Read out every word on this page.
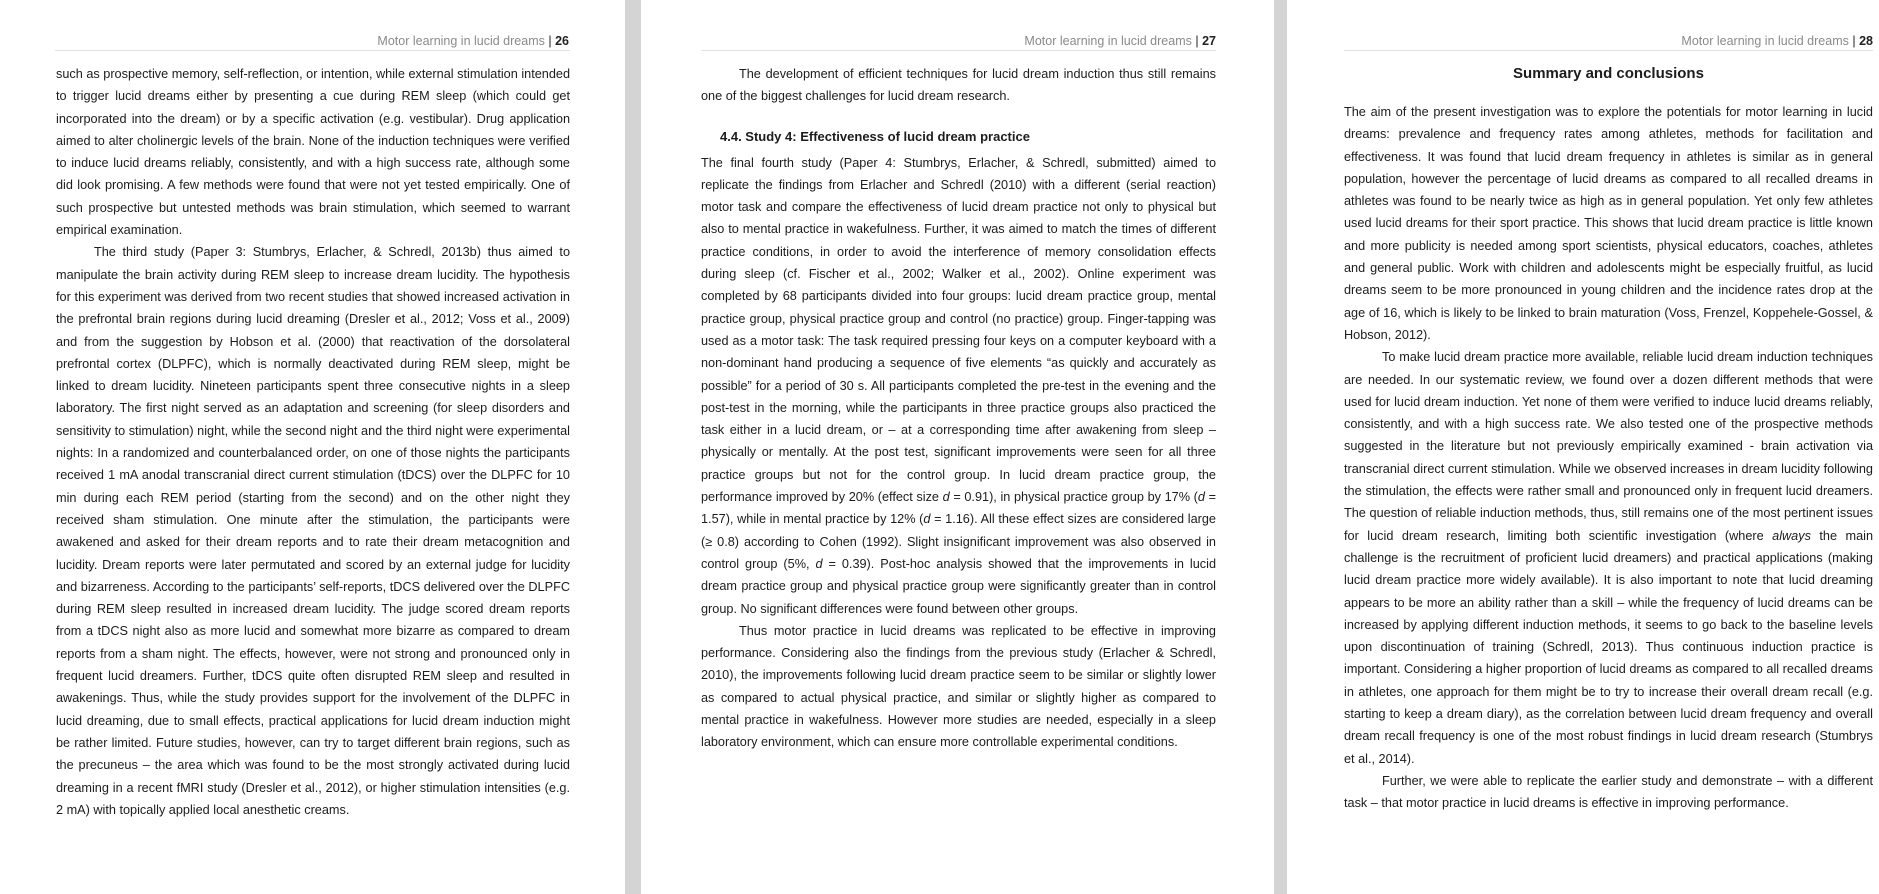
Motor learning in lucid dreams | 26

such as prospective memory, self-reflection, or intention, while external stimulation intended to trigger lucid dreams either by presenting a cue during REM sleep (which could get incorporated into the dream) or by a specific activation (e.g. vestibular). Drug application aimed to alter cholinergic levels of the brain. None of the induction techniques were verified to induce lucid dreams reliably, consistently, and with a high success rate, although some did look promising. A few methods were found that were not yet tested empirically. One of such prospective but untested methods was brain stimulation, which seemed to warrant empirical examination.

The third study (Paper 3: Stumbrys, Erlacher, & Schredl, 2013b) thus aimed to manipulate the brain activity during REM sleep to increase dream lucidity. The hypothesis for this experiment was derived from two recent studies that showed increased activation in the prefrontal brain regions during lucid dreaming (Dresler et al., 2012; Voss et al., 2009) and from the suggestion by Hobson et al. (2000) that reactivation of the dorsolateral prefrontal cortex (DLPFC), which is normally deactivated during REM sleep, might be linked to dream lucidity. Nineteen participants spent three consecutive nights in a sleep laboratory. The first night served as an adaptation and screening (for sleep disorders and sensitivity to stimulation) night, while the second night and the third night were experimental nights: In a randomized and counterbalanced order, on one of those nights the participants received 1 mA anodal transcranial direct current stimulation (tDCS) over the DLPFC for 10 min during each REM period (starting from the second) and on the other night they received sham stimulation. One minute after the stimulation, the participants were awakened and asked for their dream reports and to rate their dream metacognition and lucidity. Dream reports were later permutated and scored by an external judge for lucidity and bizarreness. According to the participants’ self-reports, tDCS delivered over the DLPFC during REM sleep resulted in increased dream lucidity. The judge scored dream reports from a tDCS night also as more lucid and somewhat more bizarre as compared to dream reports from a sham night. The effects, however, were not strong and pronounced only in frequent lucid dreamers. Further, tDCS quite often disrupted REM sleep and resulted in awakenings. Thus, while the study provides support for the involvement of the DLPFC in lucid dreaming, due to small effects, practical applications for lucid dream induction might be rather limited. Future studies, however, can try to target different brain regions, such as the precuneus – the area which was found to be the most strongly activated during lucid dreaming in a recent fMRI study (Dresler et al., 2012), or higher stimulation intensities (e.g. 2 mA) with topically applied local anesthetic creams.

Motor learning in lucid dreams | 27

The development of efficient techniques for lucid dream induction thus still remains one of the biggest challenges for lucid dream research.

4.4. Study 4: Effectiveness of lucid dream practice

The final fourth study (Paper 4: Stumbrys, Erlacher, & Schredl, submitted) aimed to replicate the findings from Erlacher and Schredl (2010) with a different (serial reaction) motor task and compare the effectiveness of lucid dream practice not only to physical but also to mental practice in wakefulness. Further, it was aimed to match the times of different practice conditions, in order to avoid the interference of memory consolidation effects during sleep (cf. Fischer et al., 2002; Walker et al., 2002). Online experiment was completed by 68 participants divided into four groups: lucid dream practice group, mental practice group, physical practice group and control (no practice) group. Finger-tapping was used as a motor task: The task required pressing four keys on a computer keyboard with a non-dominant hand producing a sequence of five elements “as quickly and accurately as possible” for a period of 30 s. All participants completed the pre-test in the evening and the post-test in the morning, while the participants in three practice groups also practiced the task either in a lucid dream, or – at a corresponding time after awakening from sleep – physically or mentally. At the post test, significant improvements were seen for all three practice groups but not for the control group. In lucid dream practice group, the performance improved by 20% (effect size d = 0.91), in physical practice group by 17% (d = 1.57), while in mental practice by 12% (d = 1.16). All these effect sizes are considered large (≥ 0.8) according to Cohen (1992). Slight insignificant improvement was also observed in control group (5%, d = 0.39). Post-hoc analysis showed that the improvements in lucid dream practice group and physical practice group were significantly greater than in control group. No significant differences were found between other groups.

Thus motor practice in lucid dreams was replicated to be effective in improving performance. Considering also the findings from the previous study (Erlacher & Schredl, 2010), the improvements following lucid dream practice seem to be similar or slightly lower as compared to actual physical practice, and similar or slightly higher as compared to mental practice in wakefulness. However more studies are needed, especially in a sleep laboratory environment, which can ensure more controllable experimental conditions.

Motor learning in lucid dreams | 28

Summary and conclusions

The aim of the present investigation was to explore the potentials for motor learning in lucid dreams: prevalence and frequency rates among athletes, methods for facilitation and effectiveness. It was found that lucid dream frequency in athletes is similar as in general population, however the percentage of lucid dreams as compared to all recalled dreams in athletes was found to be nearly twice as high as in general population. Yet only few athletes used lucid dreams for their sport practice. This shows that lucid dream practice is little known and more publicity is needed among sport scientists, physical educators, coaches, athletes and general public. Work with children and adolescents might be especially fruitful, as lucid dreams seem to be more pronounced in young children and the incidence rates drop at the age of 16, which is likely to be linked to brain maturation (Voss, Frenzel, Koppehele-Gossel, & Hobson, 2012).

To make lucid dream practice more available, reliable lucid dream induction techniques are needed. In our systematic review, we found over a dozen different methods that were used for lucid dream induction. Yet none of them were verified to induce lucid dreams reliably, consistently, and with a high success rate. We also tested one of the prospective methods suggested in the literature but not previously empirically examined - brain activation via transcranial direct current stimulation. While we observed increases in dream lucidity following the stimulation, the effects were rather small and pronounced only in frequent lucid dreamers. The question of reliable induction methods, thus, still remains one of the most pertinent issues for lucid dream research, limiting both scientific investigation (where always the main challenge is the recruitment of proficient lucid dreamers) and practical applications (making lucid dream practice more widely available). It is also important to note that lucid dreaming appears to be more an ability rather than a skill – while the frequency of lucid dreams can be increased by applying different induction methods, it seems to go back to the baseline levels upon discontinuation of training (Schredl, 2013). Thus continuous induction practice is important. Considering a higher proportion of lucid dreams as compared to all recalled dreams in athletes, one approach for them might be to try to increase their overall dream recall (e.g. starting to keep a dream diary), as the correlation between lucid dream frequency and overall dream recall frequency is one of the most robust findings in lucid dream research (Stumbrys et al., 2014).

Further, we were able to replicate the earlier study and demonstrate – with a different task – that motor practice in lucid dreams is effective in improving performance.
